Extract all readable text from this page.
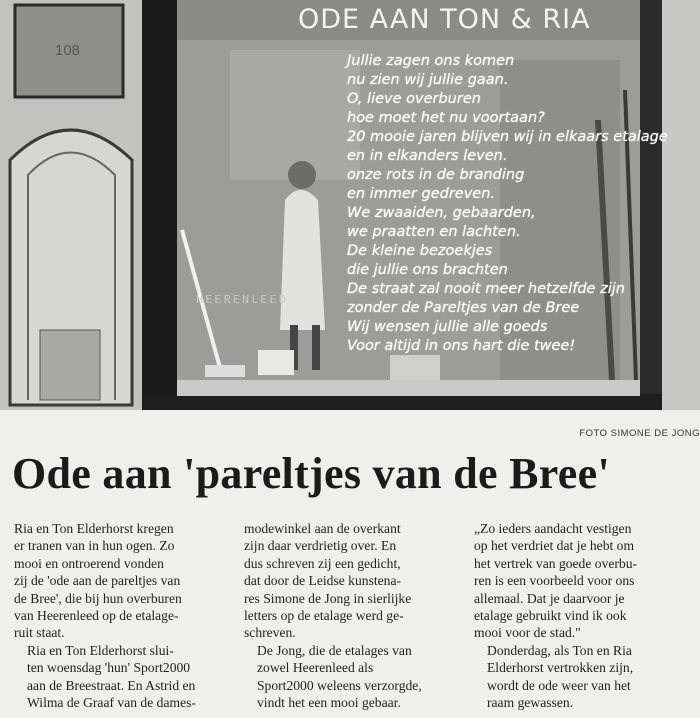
108
ODE AAN TON & RIA
Jullie zagen ons komen
nu zien wij jullie gaan.
O, lieve overburen
hoe moet het nu voortaan?
20 mooie jaren blijven wij in elkaars etalage
en in elkanders leven.
onze rots in de branding
en immer gedreven.
We zwaaiden, gebaarden,
we praatten en lachten.
De kleine bezoekjes
die jullie ons brachten
De straat zal nooit meer hetzelfde zijn
zonder de Pareltjes van de Bree
Wij wensen jullie alle goeds
Voor altijd in ons hart die twee!
HEERENLEED
FOTO SIMONE DE JONG
Ode aan 'pareltjes van de Bree'

Ria en Ton Elderhorst kregen
er tranen van in hun ogen. Zo
mooi en ontroerend vonden
zij de 'ode aan de pareltjes van
de Bree', die bij hun overburen
van Heerenleed op de etalage-
ruit staat.

Ria en Ton Elderhorst slui-
ten woensdag 'hun' Sport2000
aan de Breestraat. En Astrid en
Wilma de Graaf van de dames-

modewinkel aan de overkant
zijn daar verdrietig over. En
dus schreven zij een gedicht,
dat door de Leidse kunstena-
res Simone de Jong in sierlijke
letters op de etalage werd ge-
schreven.

De Jong, die de etalages van
zowel Heerenleed als
Sport2000 weleens verzorgde,
vindt het een mooi gebaar.

„Zo ieders aandacht vestigen
op het verdriet dat je hebt om
het vertrek van goede overbu-
ren is een voorbeeld voor ons
allemaal. Dat je daarvoor je
etalage gebruikt vind ik ook
mooi voor de stad."

Donderdag, als Ton en Ria
Elderhorst vertrokken zijn,
wordt de ode weer van het
raam gewassen.
